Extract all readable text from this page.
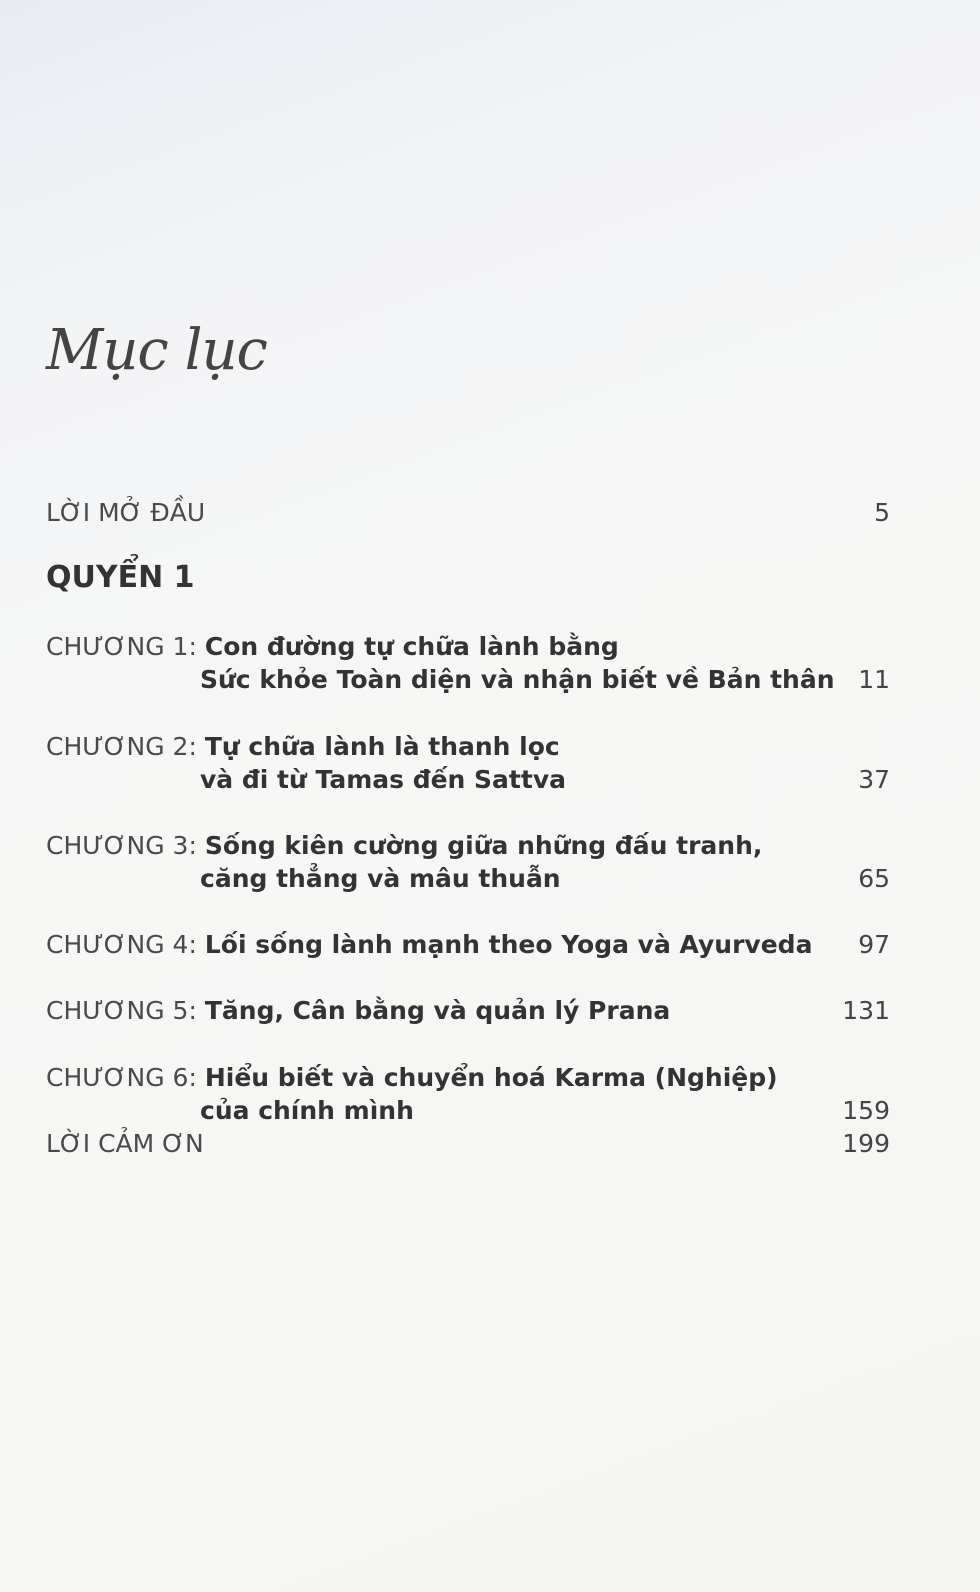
Mục lục
LỜI MỞ ĐẦU	5
QUYỂN 1
CHƯƠNG 1: Con đường tự chữa lành bằng
Sức khỏe Toàn diện và nhận biết về Bản thân 11
CHƯƠNG 2: Tự chữa lành là thanh lọc
và đi từ Tamas đến Sattva	37
CHƯƠNG 3: Sống kiên cường giữa những đấu tranh,
căng thẳng và mâu thuẫn	65
CHƯƠNG 4: Lối sống lành mạnh theo Yoga và Ayurveda 97
CHƯƠNG 5: Tăng, Cân bằng và quản lý Prana	131
CHƯƠNG 6: Hiểu biết và chuyển hoá Karma (Nghiệp)
của chính mình	159
LỜI CẢM ƠN	199
